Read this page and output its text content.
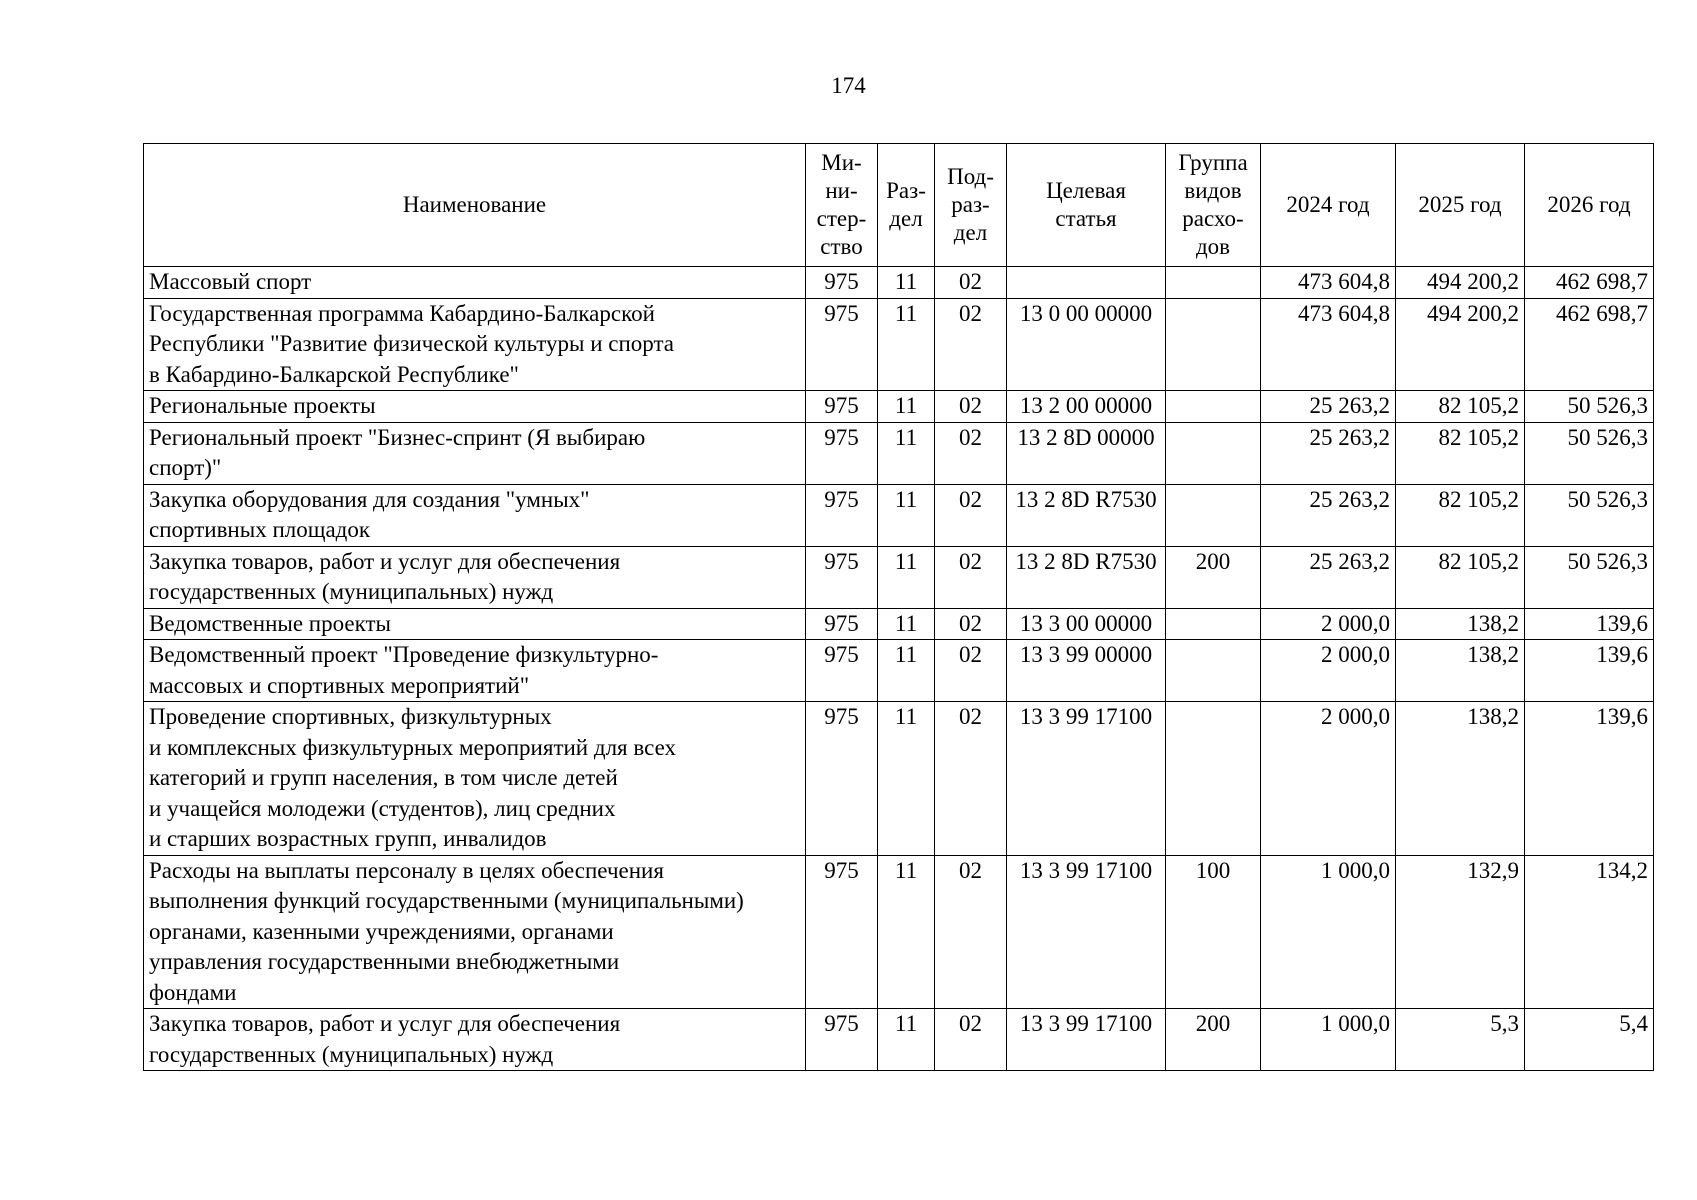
174
Наименование	Ми-
ни-
стер-
ство	Раз-
дел	Под-
раз-
дел	Целевая
статья	Группа
видов
расхо-
дов	2024 год	2025 год	2026 год
Массовый спорт	975	11	02			473 604,8	494 200,2	462 698,7
Государственная программа Кабардино-Балкарской
Республики "Развитие физической культуры и спорта
в Кабардино-Балкарской Республике"	975	11	02	13 0 00 00000		473 604,8	494 200,2	462 698,7
Региональные проекты	975	11	02	13 2 00 00000		25 263,2	82 105,2	50 526,3
Региональный проект "Бизнес-спринт (Я выбираю
спорт)"	975	11	02	13 2 8D 00000		25 263,2	82 105,2	50 526,3
Закупка оборудования для создания "умных"
спортивных площадок	975	11	02	13 2 8D R7530		25 263,2	82 105,2	50 526,3
Закупка товаров, работ и услуг для обеспечения
государственных (муниципальных) нужд	975	11	02	13 2 8D R7530	200	25 263,2	82 105,2	50 526,3
Ведомственные проекты	975	11	02	13 3 00 00000		2 000,0	138,2	139,6
Ведомственный проект "Проведение физкультурно-
массовых и спортивных мероприятий"	975	11	02	13 3 99 00000		2 000,0	138,2	139,6
Проведение спортивных, физкультурных
и комплексных физкультурных мероприятий для всех
категорий и групп населения, в том числе детей
и учащейся молодежи (студентов), лиц средних
и старших возрастных групп, инвалидов	975	11	02	13 3 99 17100		2 000,0	138,2	139,6
Расходы на выплаты персоналу в целях обеспечения
выполнения функций государственными (муниципальными)
органами, казенными учреждениями, органами
управления государственными внебюджетными
фондами	975	11	02	13 3 99 17100	100	1 000,0	132,9	134,2
Закупка товаров, работ и услуг для обеспечения
государственных (муниципальных) нужд	975	11	02	13 3 99 17100	200	1 000,0	5,3	5,4
